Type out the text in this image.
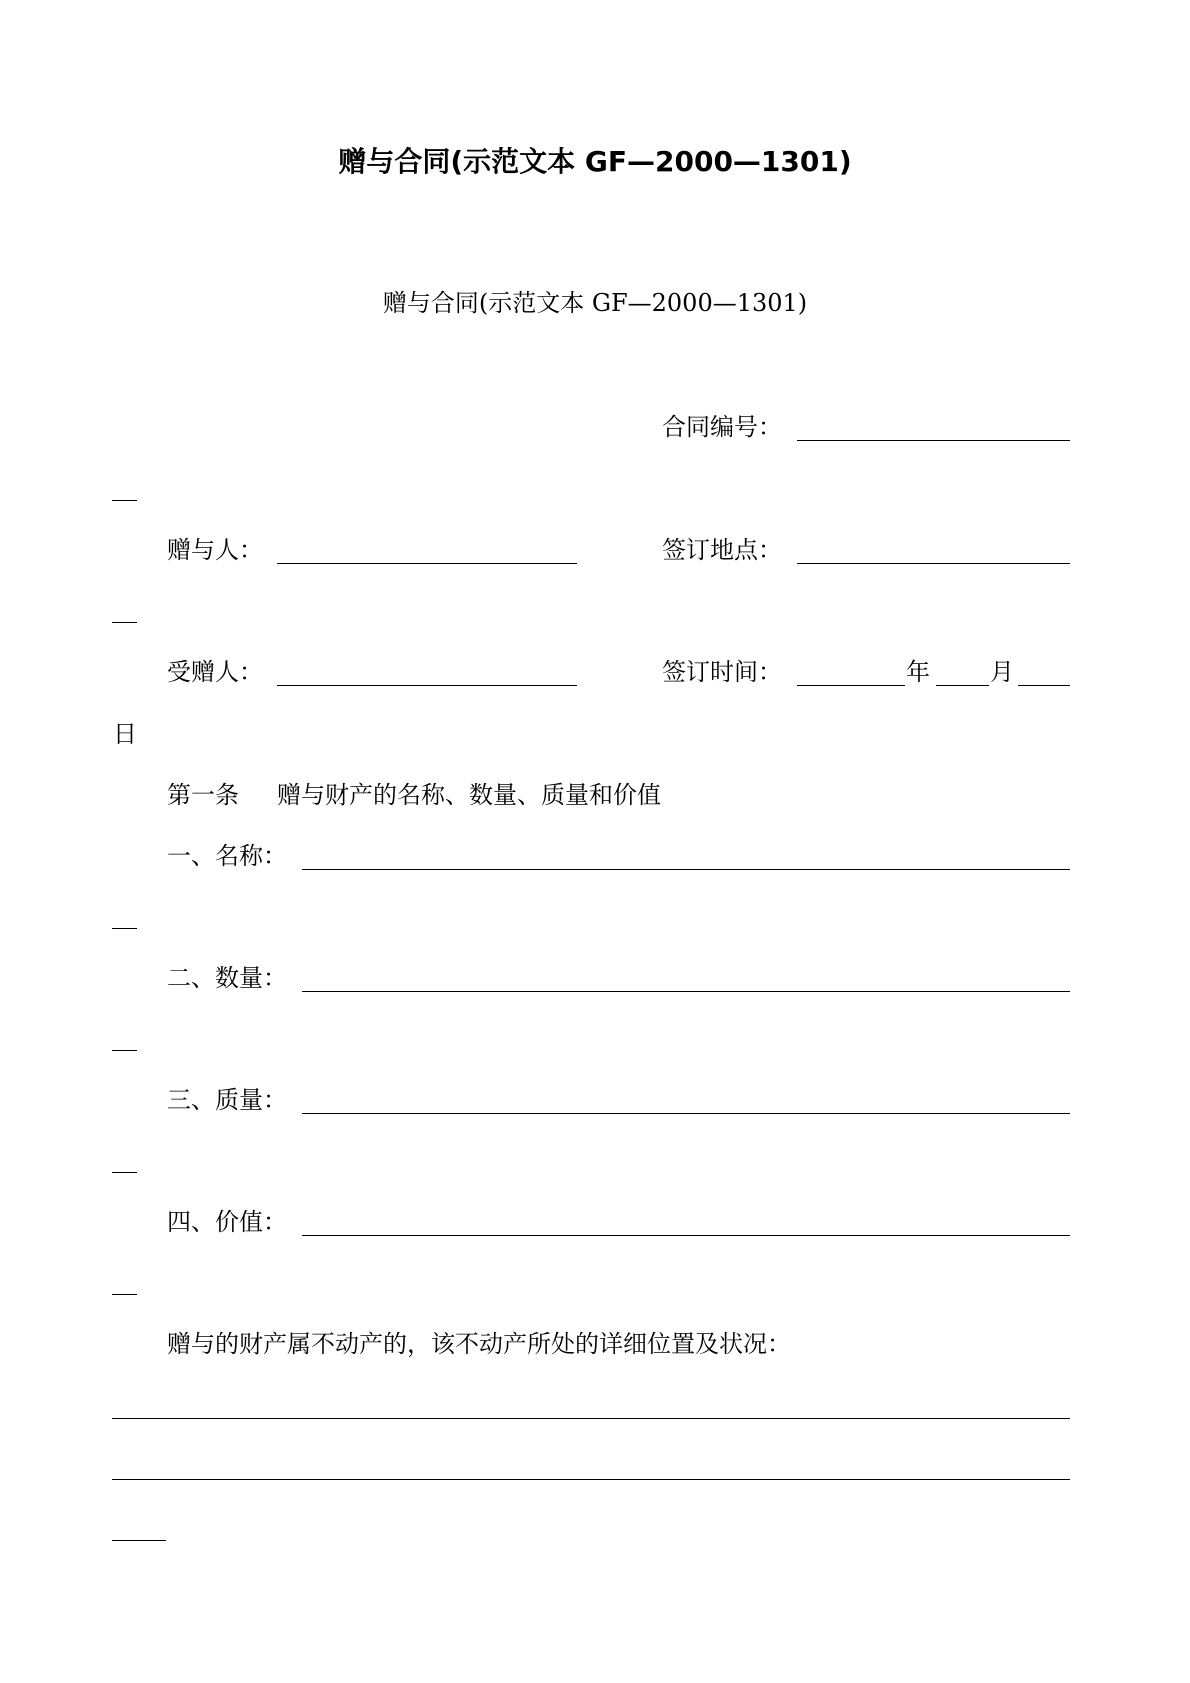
赠与合同(示范文本 GF—2000—1301)
赠与合同(示范文本 GF—2000—1301)
合同编号：
赠与人：	签订地点：
受赠人：	签订时间：	年	月
日
第一条 赠与财产的名称、数量、质量和价值
一、名称：
二、数量：
三、质量：
四、价值：
赠与的财产属不动产的，该不动产所处的详细位置及状况：
